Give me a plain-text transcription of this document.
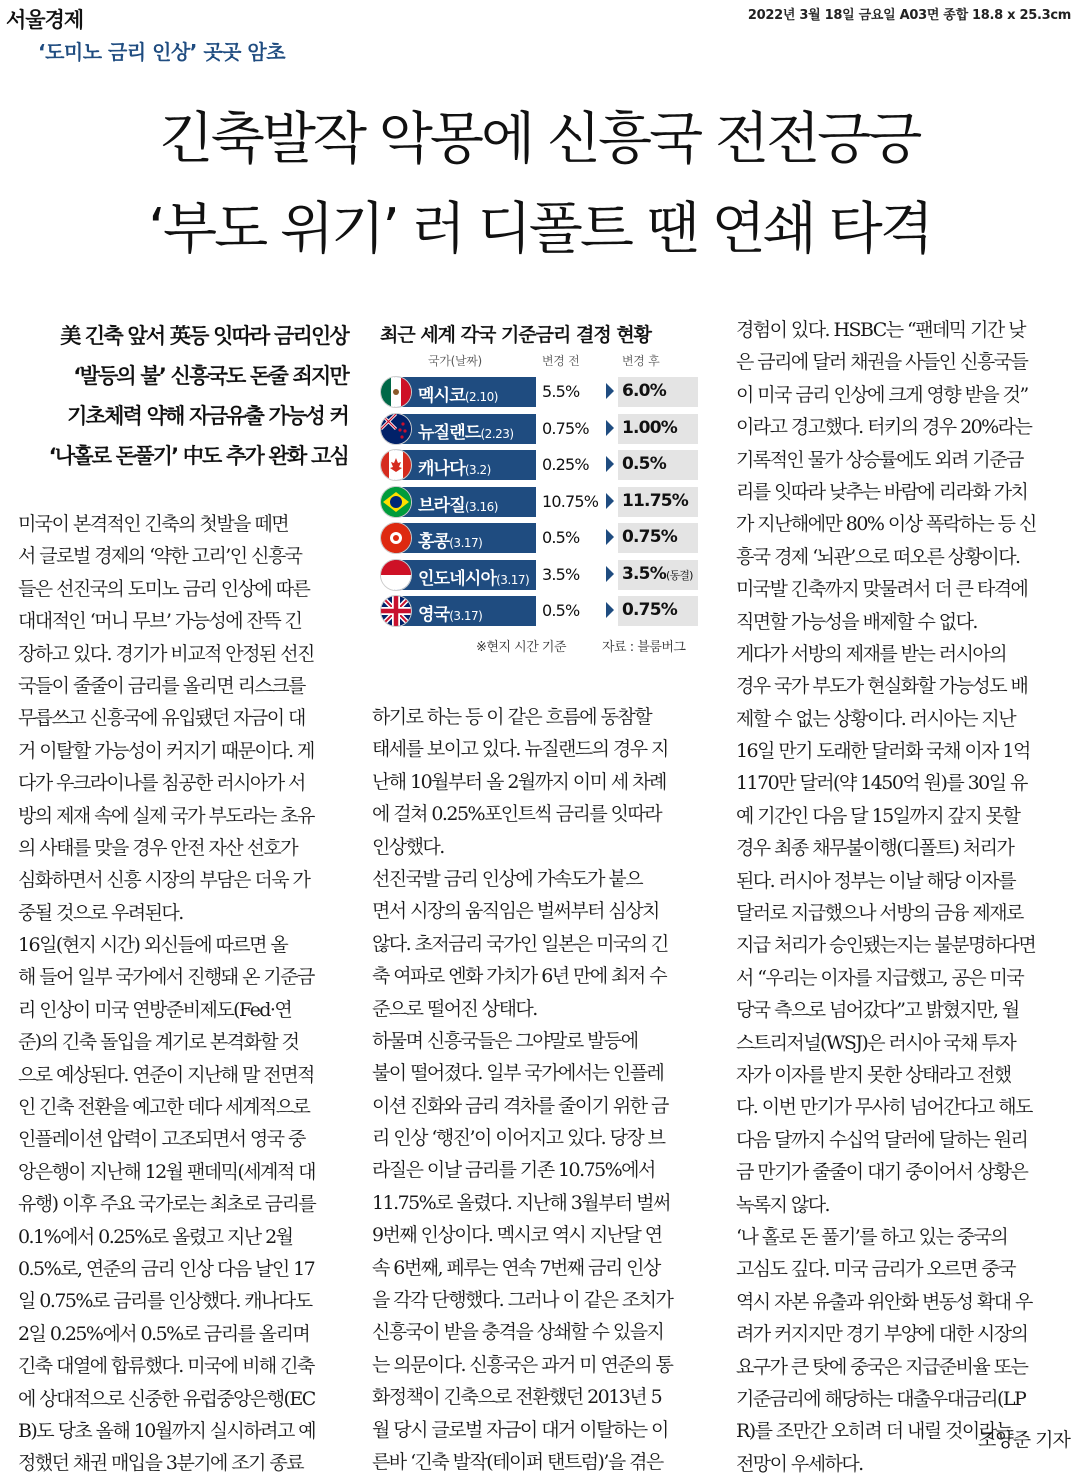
서울경제	2022년 3월 18일 금요일 A03면 종합 18.8 x 25.3cm
‘도미노 금리 인상’ 곳곳 암초
긴축발작 악몽에 신흥국 전전긍긍
‘부도 위기’ 러 디폴트 땐 연쇄 타격
美 긴축 앞서 英등 잇따라 금리인상
‘발등의 불’ 신흥국도 돈줄 죄지만
기초체력 약해 자금유출 가능성 커
‘나홀로 돈풀기’ 中도 추가 완화 고심
최근 세계 각국 기준금리 결정 현황
국가(날짜)	변경 전	변경 후
멕시코(2.10)	5.5%	6.0%
뉴질랜드(2.23) 0.75% 1.00%
캐나다(3.2)	0.25% 0.5%
브라질(3.16)	10.75% 11.75%
홍콩(3.17)	0.5%	0.75%
인도네시아(3.17) 3.5%	3.5%(동결)
영국(3.17)	0.5%	0.75%
※현지 시간 기준	자료 : 블룸버그

미국이 본격적인 긴축의 첫발을 떼면

서 글로벌 경제의 ‘약한 고리’인 신흥국

들은 선진국의 도미노 금리 인상에 따른

대대적인 ‘머니 무브’ 가능성에 잔뜩 긴

장하고 있다. 경기가 비교적 안정된 선진

국들이 줄줄이 금리를 올리면 리스크를

무릅쓰고 신흥국에 유입됐던 자금이 대

거 이탈할 가능성이 커지기 때문이다. 게

다가 우크라이나를 침공한 러시아가 서

방의 제재 속에 실제 국가 부도라는 초유

의 사태를 맞을 경우 안전 자산 선호가

심화하면서 신흥 시장의 부담은 더욱 가

중될 것으로 우려된다.

16일(현지 시간) 외신들에 따르면 올

해 들어 일부 국가에서 진행돼 온 기준금

리 인상이 미국 연방준비제도(Fed·연

준)의 긴축 돌입을 계기로 본격화할 것

으로 예상된다. 연준이 지난해 말 전면적

인 긴축 전환을 예고한 데다 세계적으로

인플레이션 압력이 고조되면서 영국 중

앙은행이 지난해 12월 팬데믹(세계적 대

유행) 이후 주요 국가로는 최초로 금리를

0.1%에서 0.25%로 올렸고 지난 2월

0.5%로, 연준의 금리 인상 다음 날인 17

일 0.75%로 금리를 인상했다. 캐나다도

2일 0.25%에서 0.5%로 금리를 올리며

긴축 대열에 합류했다. 미국에 비해 긴축

에 상대적으로 신중한 유럽중앙은행(EC

B)도 당초 올해 10월까지 실시하려고 예

정했던 채권 매입을 3분기에 조기 종료

하기로 하는 등 이 같은 흐름에 동참할

태세를 보이고 있다. 뉴질랜드의 경우 지

난해 10월부터 올 2월까지 이미 세 차례

에 걸쳐 0.25%포인트씩 금리를 잇따라

인상했다.

선진국발 금리 인상에 가속도가 붙으

면서 시장의 움직임은 벌써부터 심상치

않다. 초저금리 국가인 일본은 미국의 긴

축 여파로 엔화 가치가 6년 만에 최저 수

준으로 떨어진 상태다.

하물며 신흥국들은 그야말로 발등에

불이 떨어졌다. 일부 국가에서는 인플레

이션 진화와 금리 격차를 줄이기 위한 금

리 인상 ‘행진’이 이어지고 있다. 당장 브

라질은 이날 금리를 기존 10.75%에서

11.75%로 올렸다. 지난해 3월부터 벌써

9번째 인상이다. 멕시코 역시 지난달 연

속 6번째, 페루는 연속 7번째 금리 인상

을 각각 단행했다. 그러나 이 같은 조치가

신흥국이 받을 충격을 상쇄할 수 있을지

는 의문이다. 신흥국은 과거 미 연준의 통

화정책이 긴축으로 전환했던 2013년 5

월 당시 글로벌 자금이 대거 이탈하는 이

른바 ‘긴축 발작(테이퍼 탠트럼)’을 겪은

경험이 있다. HSBC는 “팬데믹 기간 낮

은 금리에 달러 채권을 사들인 신흥국들

이 미국 금리 인상에 크게 영향 받을 것”

이라고 경고했다. 터키의 경우 20%라는

기록적인 물가 상승률에도 외려 기준금

리를 잇따라 낮추는 바람에 리라화 가치

가 지난해에만 80% 이상 폭락하는 등 신

흥국 경제 ‘뇌관’으로 떠오른 상황이다.

미국발 긴축까지 맞물려서 더 큰 타격에

직면할 가능성을 배제할 수 없다.

게다가 서방의 제재를 받는 러시아의

경우 국가 부도가 현실화할 가능성도 배

제할 수 없는 상황이다. 러시아는 지난

16일 만기 도래한 달러화 국채 이자 1억

1170만 달러(약 1450억 원)를 30일 유

예 기간인 다음 달 15일까지 갚지 못할

경우 최종 채무불이행(디폴트) 처리가

된다. 러시아 정부는 이날 해당 이자를

달러로 지급했으나 서방의 금융 제재로

지급 처리가 승인됐는지는 불분명하다면

서 “우리는 이자를 지급했고, 공은 미국

당국 측으로 넘어갔다”고 밝혔지만, 월

스트리저널(WSJ)은 러시아 국채 투자

자가 이자를 받지 못한 상태라고 전했

다. 이번 만기가 무사히 넘어간다고 해도

다음 달까지 수십억 달러에 달하는 원리

금 만기가 줄줄이 대기 중이어서 상황은

녹록지 않다.

‘나 홀로 돈 풀기’를 하고 있는 중국의

고심도 깊다. 미국 금리가 오르면 중국

역시 자본 유출과 위안화 변동성 확대 우

려가 커지지만 경기 부양에 대한 시장의

요구가 큰 탓에 중국은 지급준비율 또는

기준금리에 해당하는 대출우대금리(LP

R)를 조만간 오히려 더 내릴 것이라는

전망이 우세하다.

조양준 기자
